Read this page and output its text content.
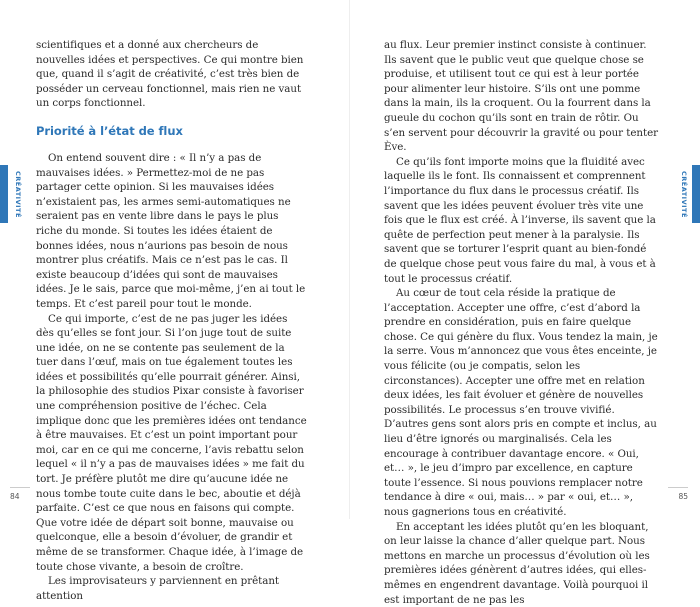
CRÉATIVITÉ

scientifiques et a donné aux chercheurs de nouvelles idées et perspectives. Ce qui montre bien que, quand il s’agit de créativité, c’est très bien de posséder un cerveau fonctionnel, mais rien ne vaut un corps fonctionnel.

Priorité à l’état de flux

On entend souvent dire : « Il n’y a pas de mauvaises idées. » Permettez-moi de ne pas partager cette opinion. Si les mauvaises idées n’existaient pas, les armes semi-automatiques ne seraient pas en vente libre dans le pays le plus riche du monde. Si toutes les idées étaient de bonnes idées, nous n’aurions pas besoin de nous montrer plus créatifs. Mais ce n’est pas le cas. Il existe beaucoup d’idées qui sont de mauvaises idées. Je le sais, parce que moi-même, j’en ai tout le temps. Et c’est pareil pour tout le monde.

Ce qui importe, c’est de ne pas juger les idées dès qu’elles se font jour. Si l’on juge tout de suite une idée, on ne se contente pas seulement de la tuer dans l’œuf, mais on tue également toutes les idées et possibilités qu’elle pourrait générer. Ainsi, la philosophie des studios Pixar consiste à favoriser une compréhension positive de l’échec. Cela implique donc que les premières idées ont tendance à être mauvaises. Et c’est un point important pour moi, car en ce qui me concerne, l’avis rebattu selon lequel « il n’y a pas de mauvaises idées » me fait du tort. Je préfère plutôt me dire qu’aucune idée ne nous tombe toute cuite dans le bec, aboutie et déjà parfaite. C’est ce que nous en faisons qui compte. Que votre idée de départ soit bonne, mauvaise ou quelconque, elle a besoin d’évoluer, de grandir et même de se transformer. Chaque idée, à l’image de toute chose vivante, a besoin de croître.

Les improvisateurs y parviennent en prêtant attention

84
CRÉATIVITÉ

au flux. Leur premier instinct consiste à continuer. Ils savent que le public veut que quelque chose se produise, et utilisent tout ce qui est à leur portée pour alimenter leur histoire. S’ils ont une pomme dans la main, ils la croquent. Ou la fourrent dans la gueule du cochon qu’ils sont en train de rôtir. Ou s’en servent pour découvrir la gravité ou pour tenter Ève.

Ce qu’ils font importe moins que la fluidité avec laquelle ils le font. Ils connaissent et comprennent l’importance du flux dans le processus créatif. Ils savent que les idées peuvent évoluer très vite une fois que le flux est créé. À l’inverse, ils savent que la quête de perfection peut mener à la paralysie. Ils savent que se torturer l’esprit quant au bien-fondé de quelque chose peut vous faire du mal, à vous et à tout le processus créatif.

Au cœur de tout cela réside la pratique de l’acceptation. Accepter une offre, c’est d’abord la prendre en considération, puis en faire quelque chose. Ce qui génère du flux. Vous tendez la main, je la serre. Vous m’annoncez que vous êtes enceinte, je vous félicite (ou je compatis, selon les circonstances). Accepter une offre met en relation deux idées, les fait évoluer et génère de nouvelles possibilités. Le processus s’en trouve vivifié. D’autres gens sont alors pris en compte et inclus, au lieu d’être ignorés ou marginalisés. Cela les encourage à contribuer davantage encore. « Oui, et… », le jeu d’impro par excellence, en capture toute l’essence. Si nous pouvions remplacer notre tendance à dire « oui, mais… » par « oui, et… », nous gagnerions tous en créativité.

En acceptant les idées plutôt qu’en les bloquant, on leur laisse la chance d’aller quelque part. Nous mettons en marche un processus d’évolution où les premières idées génèrent d’autres idées, qui elles-mêmes en engendrent davantage. Voilà pourquoi il est important de ne pas les

85
